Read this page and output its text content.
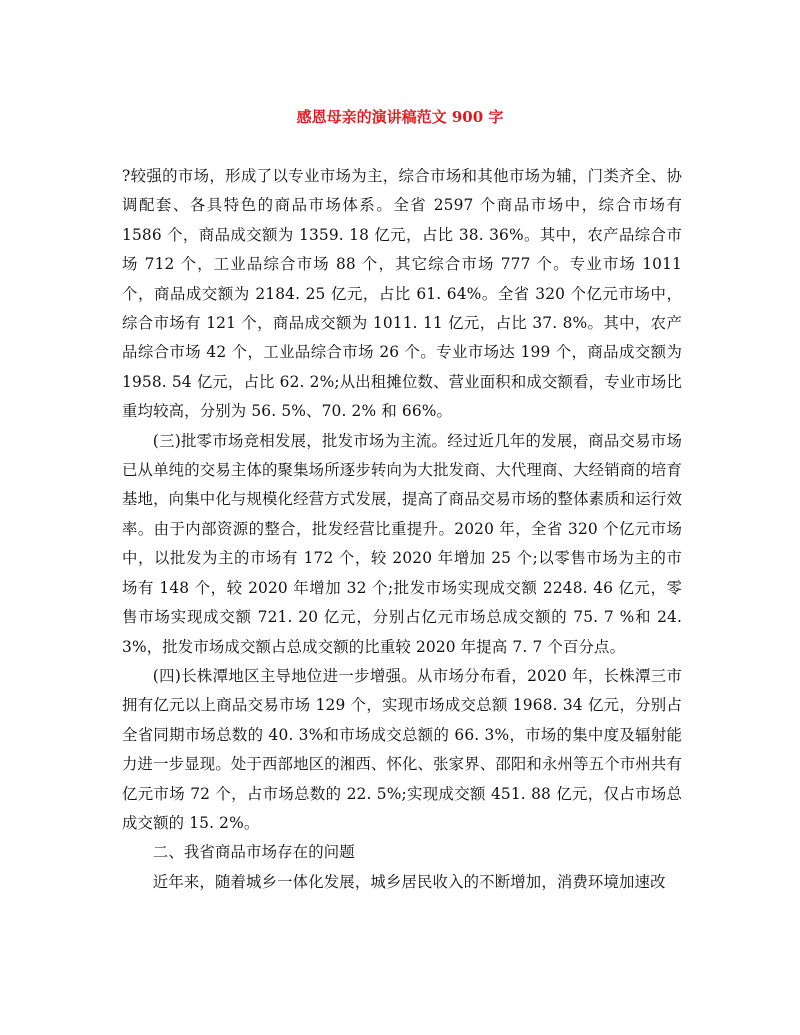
感恩母亲的演讲稿范文 900 字

?较强的市场，形成了以专业市场为主，综合市场和其他市场为辅，门类齐全、协调配套、各具特色的商品市场体系。全省 2597 个商品市场中，综合市场有 1586 个，商品成交额为 1359. 18 亿元，占比 38. 36%。其中，农产品综合市场 712 个，工业品综合市场 88 个，其它综合市场 777 个。专业市场 1011 个，商品成交额为 2184. 25 亿元，占比 61. 64%。全省 320 个亿元市场中，综合市场有 121 个，商品成交额为 1011. 11 亿元，占比 37. 8%。其中，农产品综合市场 42 个，工业品综合市场 26 个。专业市场达 199 个，商品成交额为 1958. 54 亿元，占比 62. 2%;从出租摊位数、营业面积和成交额看，专业市场比重均较高，分别为 56. 5%、70. 2% 和 66%。

(三)批零市场竞相发展，批发市场为主流。经过近几年的发展，商品交易市场已从单纯的交易主体的聚集场所逐步转向为大批发商、大代理商、大经销商的培育基地，向集中化与规模化经营方式发展，提高了商品交易市场的整体素质和运行效率。由于内部资源的整合，批发经营比重提升。2020 年，全省 320 个亿元市场中，以批发为主的市场有 172 个，较 2020 年增加 25 个;以零售市场为主的市场有 148 个，较 2020 年增加 32 个;批发市场实现成交额 2248. 46 亿元，零售市场实现成交额 721. 20 亿元，分别占亿元市场总成交额的 75. 7 %和 24. 3%，批发市场成交额占总成交额的比重较 2020 年提高 7. 7 个百分点。

(四)长株潭地区主导地位进一步增强。从市场分布看，2020 年，长株潭三市拥有亿元以上商品交易市场 129 个，实现市场成交总额 1968. 34 亿元，分别占全省同期市场总数的 40. 3%和市场成交总额的 66. 3%，市场的集中度及辐射能力进一步显现。处于西部地区的湘西、怀化、张家界、邵阳和永州等五个市州共有亿元市场 72 个，占市场总数的 22. 5%;实现成交额 451. 88 亿元，仅占市场总成交额的 15. 2%。

二、我省商品市场存在的问题

近年来，随着城乡一体化发展，城乡居民收入的不断增加，消费环境加速改
